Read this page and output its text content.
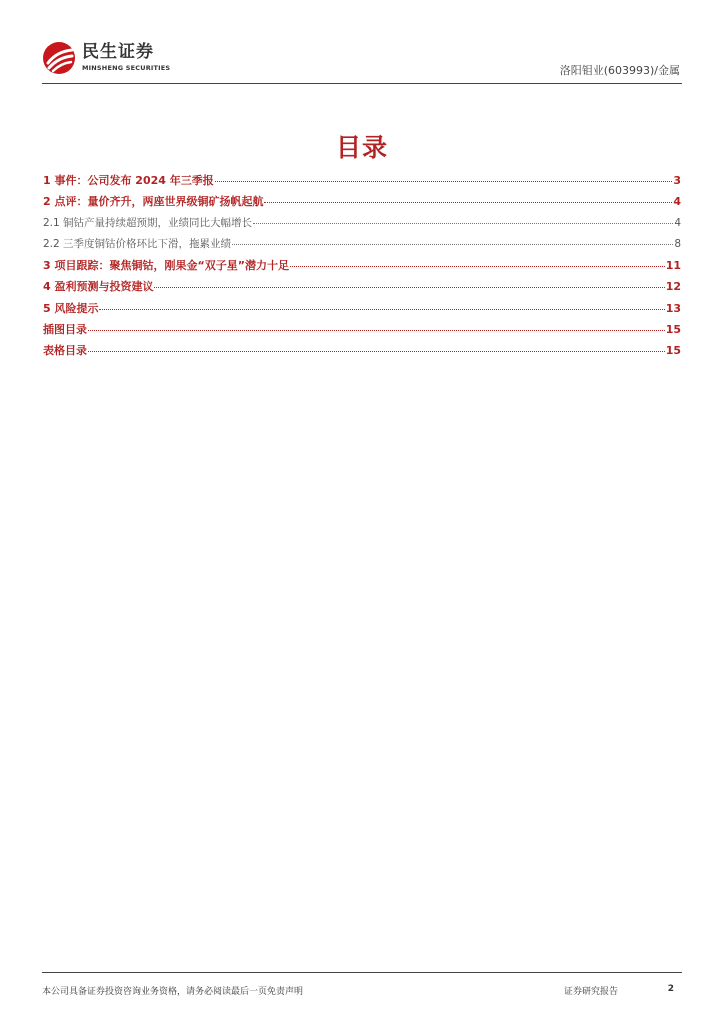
民生证券
MINSHENG SECURITIES	洛阳钼业(603993)/金属
目录
1 事件：公司发布 2024 年三季报	3
2 点评：量价齐升，两座世界级铜矿扬帆起航	4
2.1 铜钴产量持续超预期，业绩同比大幅增长	4
2.2 三季度铜钴价格环比下滑，拖累业绩	8
3 项目跟踪：聚焦铜钴，刚果金“双子星”潜力十足	11
4 盈利预测与投资建议	12
5 风险提示	13
插图目录	15
表格目录	15
本公司具备证券投资咨询业务资格，请务必阅读最后一页免责声明	证券研究报告	2
